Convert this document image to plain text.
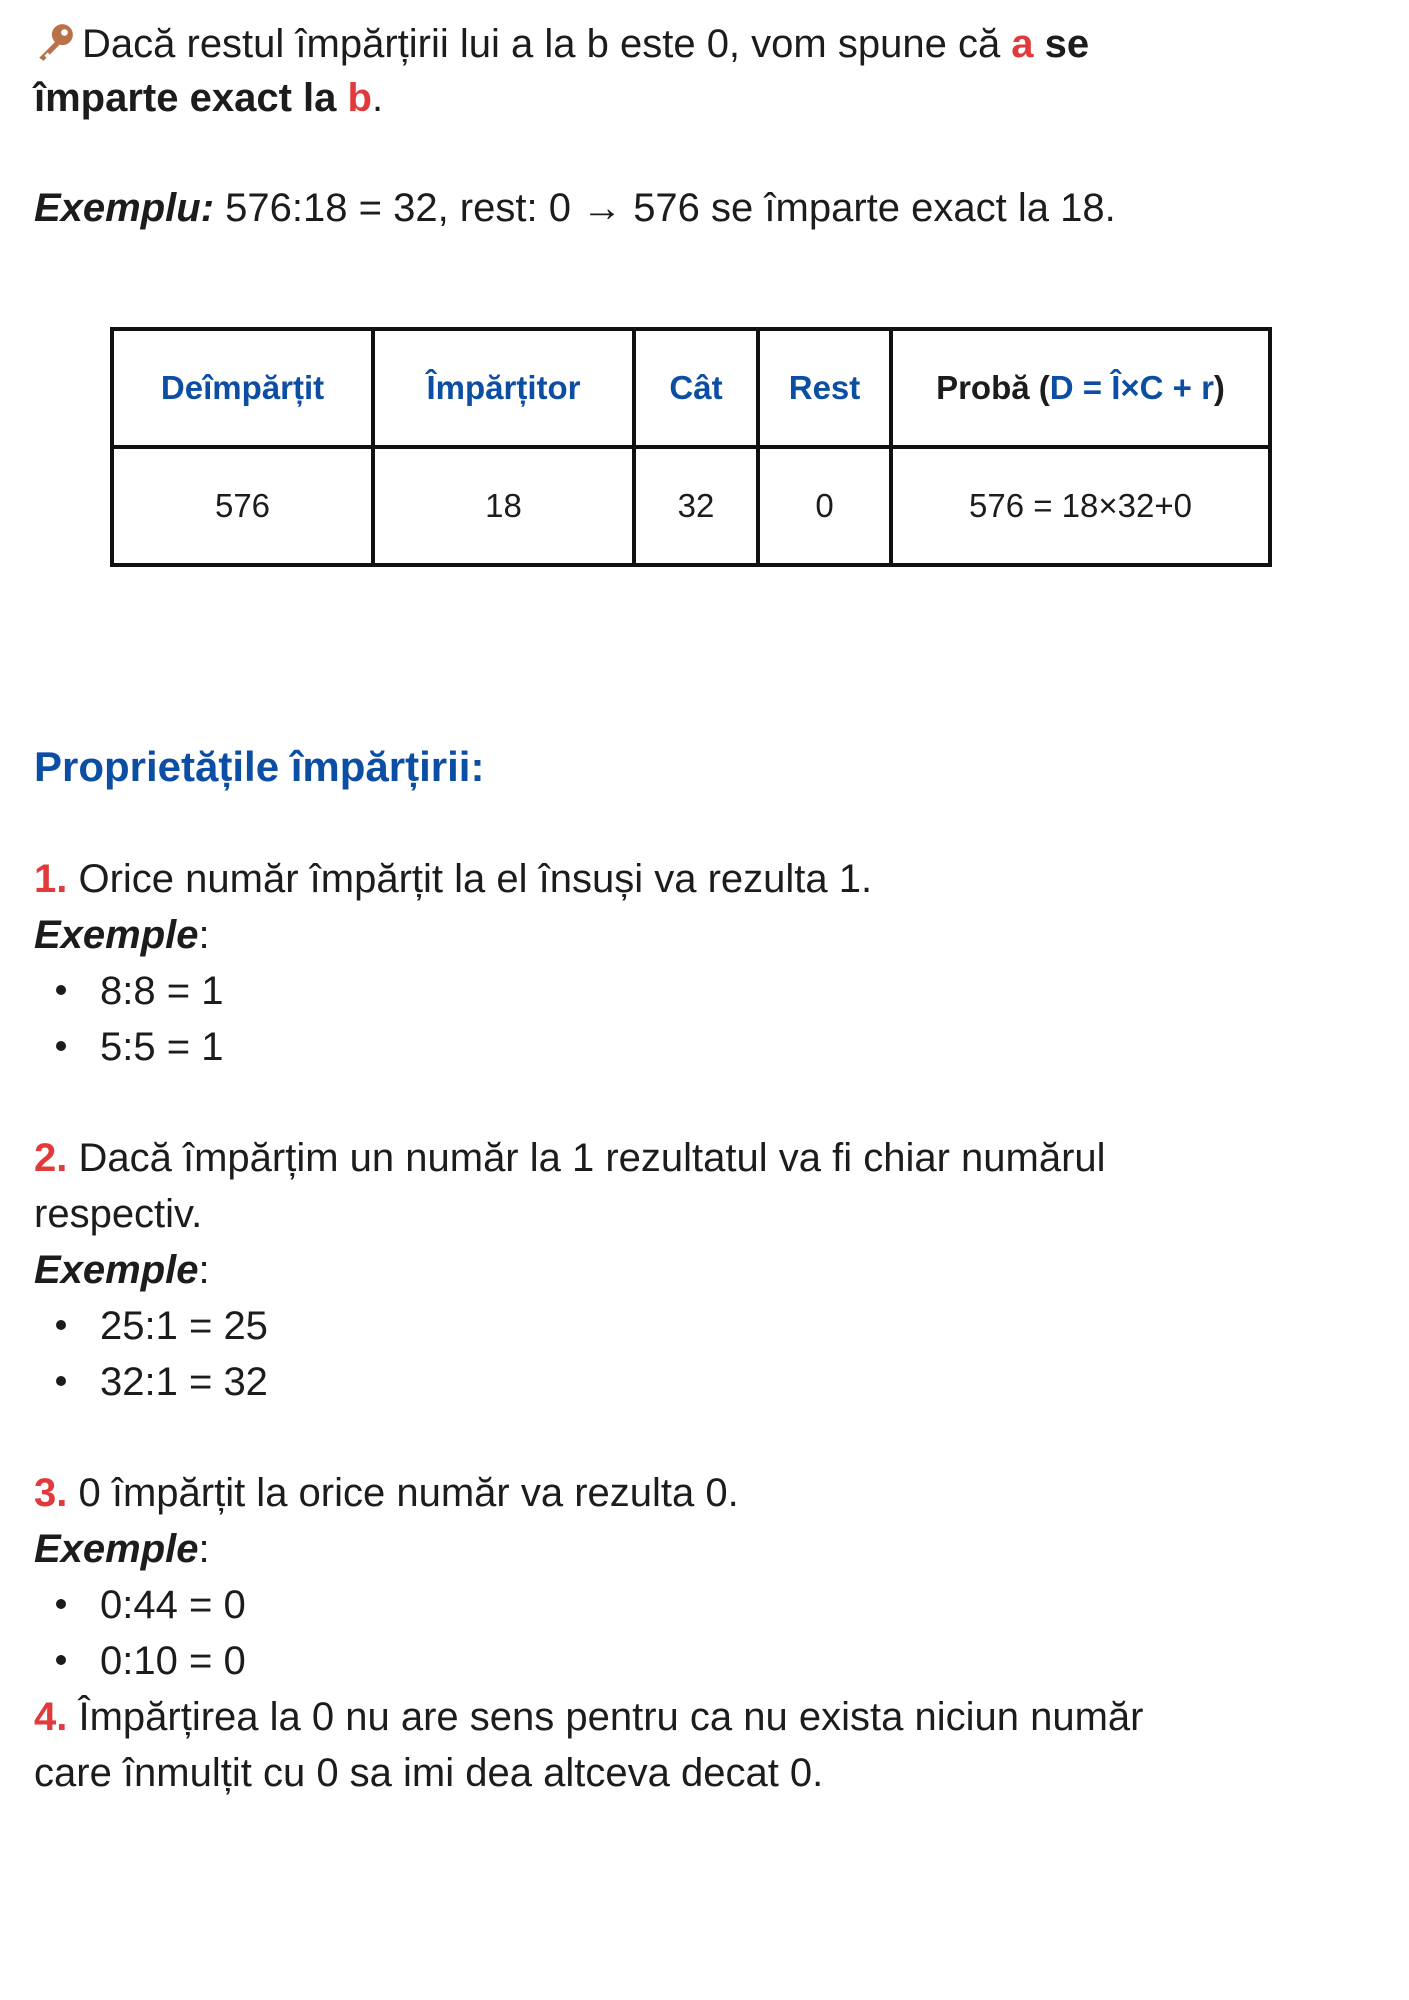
Dacă restul împărțirii lui a la b este 0, vom spune că a se
împarte exact la b.
Exemplu: 576:18 = 32, rest: 0 → 576 se împarte exact la 18.
Deîmpărțit	Împărțitor	Cât	Rest	Probă (D = Î×C + r)
576	18	32	0	576 = 18×32+0
Proprietățile împărțirii:
1. Orice număr împărțit la el însuși va rezulta 1.
Exemple:
8:8 = 1
5:5 = 1
2. Dacă împărțim un număr la 1 rezultatul va fi chiar numărul
respectiv.
Exemple:
25:1 = 25
32:1 = 32
3. 0 împărțit la orice număr va rezulta 0.
Exemple:
0:44 = 0
0:10 = 0
4. Împărțirea la 0 nu are sens pentru ca nu exista niciun număr
care înmulțit cu 0 sa imi dea altceva decat 0.
